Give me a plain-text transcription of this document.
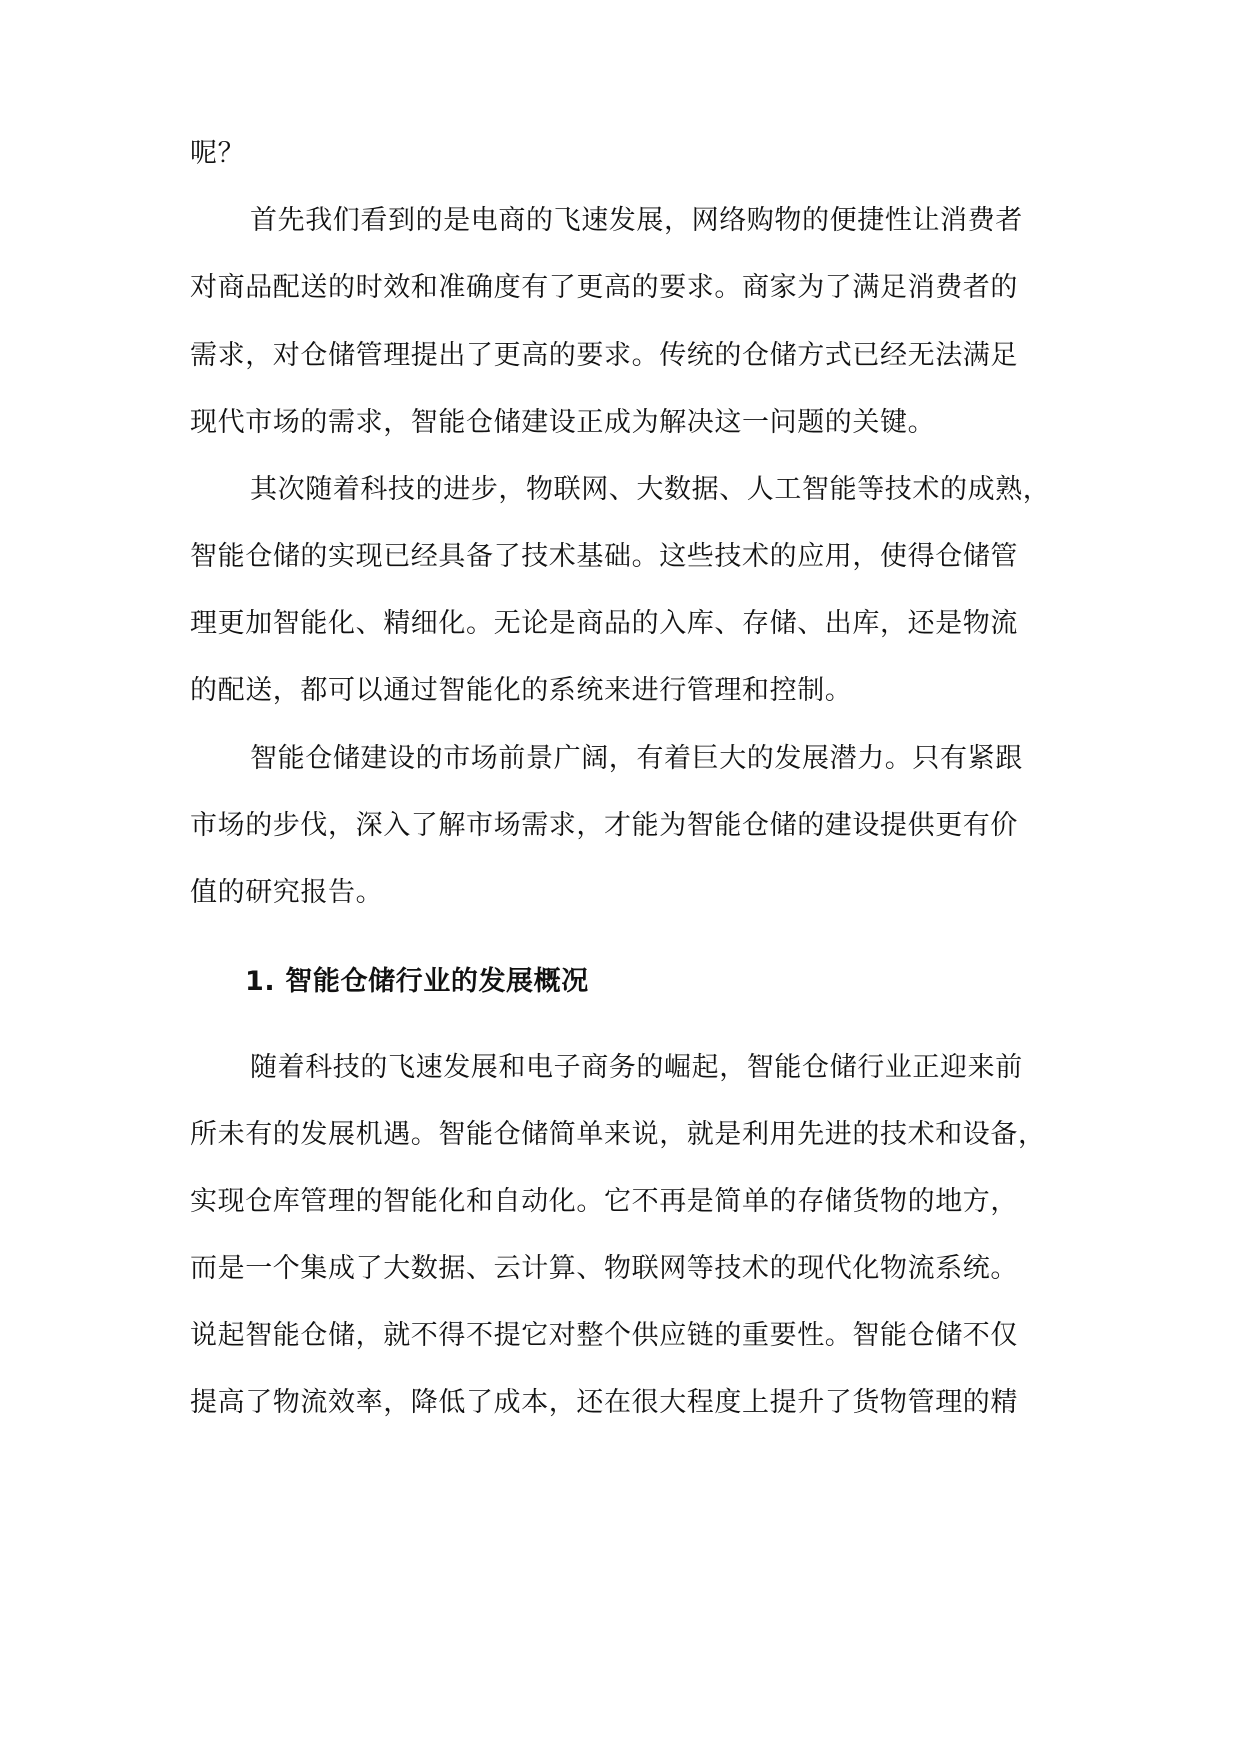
呢？
首先我们看到的是电商的飞速发展，网络购物的便捷性让消费者
对商品配送的时效和准确度有了更高的要求。商家为了满足消费者的
需求，对仓储管理提出了更高的要求。传统的仓储方式已经无法满足
现代市场的需求，智能仓储建设正成为解决这一问题的关键。
其次随着科技的进步，物联网、大数据、人工智能等技术的成熟，
智能仓储的实现已经具备了技术基础。这些技术的应用，使得仓储管
理更加智能化、精细化。无论是商品的入库、存储、出库，还是物流
的配送，都可以通过智能化的系统来进行管理和控制。
智能仓储建设的市场前景广阔，有着巨大的发展潜力。只有紧跟
市场的步伐，深入了解市场需求，才能为智能仓储的建设提供更有价
值的研究报告。
1. 智能仓储行业的发展概况
随着科技的飞速发展和电子商务的崛起，智能仓储行业正迎来前
所未有的发展机遇。智能仓储简单来说，就是利用先进的技术和设备，
实现仓库管理的智能化和自动化。它不再是简单的存储货物的地方，
而是一个集成了大数据、云计算、物联网等技术的现代化物流系统。
说起智能仓储，就不得不提它对整个供应链的重要性。智能仓储不仅
提高了物流效率，降低了成本，还在很大程度上提升了货物管理的精
